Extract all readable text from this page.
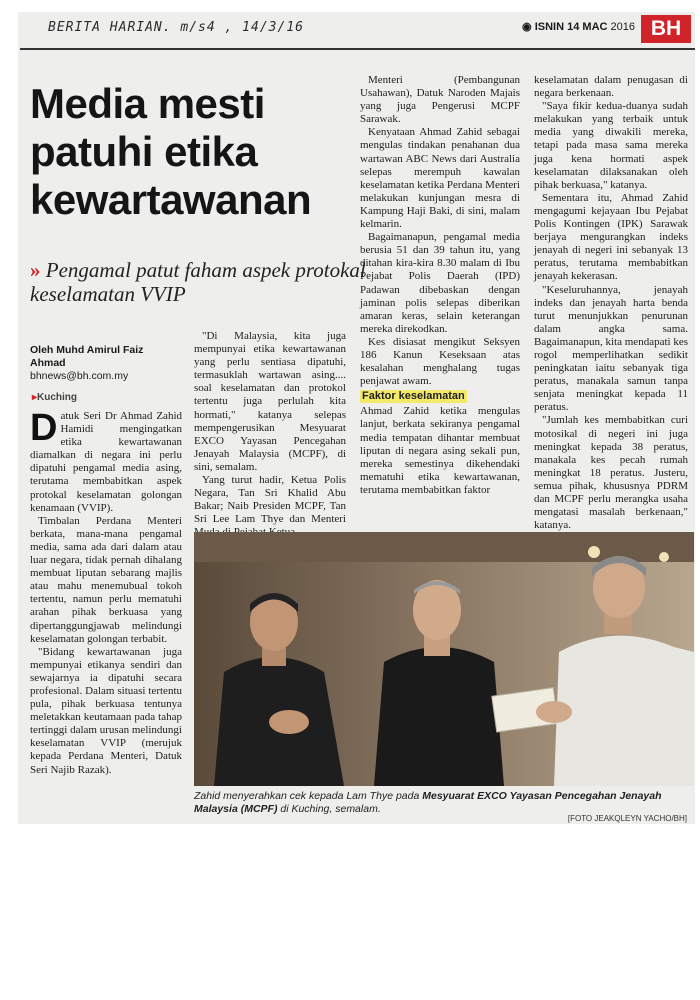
BERITA HARIAN. m/s4 , 14/3/16	◉ ISNIN 14 MAC 2016 BH
Media mesti patuhi etika kewartawanan
» Pengamal patut faham aspek protokal keselamatan VVIP
Oleh Muhd Amirul Faiz Ahmad
bhnews@bh.com.my
▸ Kuching

Datuk Seri Dr Ahmad Zahid Hamidi mengingatkan etika kewartawanan diamalkan di negara ini perlu dipatuhi pengamal media asing, terutama membabitkan aspek protokal keselamatan golongan kenamaan (VVIP).

Timbalan Perdana Menteri berkata, mana-mana pengamal media, sama ada dari dalam atau luar negara, tidak pernah dihalang membuat liputan sebarang majlis atau mahu menemubual tokoh tertentu, namun perlu mematuhi arahan pihak berkuasa yang dipertanggungjawab melindungi keselamatan golongan terbabit.

"Bidang kewartawanan juga mempunyai etikanya sendiri dan sewajarnya ia dipatuhi secara profesional. Dalam situasi tertentu pula, pihak berkuasa tentunya meletakkan keutamaan pada tahap tertinggi dalam urusan melindungi keselamatan VVIP (merujuk kepada Perdana Menteri, Datuk Seri Najib Razak).

"Di Malaysia, kita juga mempunyai etika kewartawanan yang perlu sentiasa dipatuhi, termasuklah wartawan asing.... soal keselamatan dan protokol tertentu juga perlulah kita hormati," katanya selepas mempengerusikan Mesyuarat EXCO Yayasan Pencegahan Jenayah Malaysia (MCPF), di sini, semalam.

Yang turut hadir, Ketua Polis Negara, Tan Sri Khalid Abu Bakar; Naib Presiden MCPF, Tan Sri Lee Lam Thye dan Menteri

Menteri (Pembangunan Usahawan), Datuk Naroden Majais yang juga Pengerusi MCPF Sarawak.

Kenyataan Ahmad Zahid sebagai mengulas tindakan penahanan dua wartawan ABC News dari Australia selepas merempuh kawalan keselamatan ketika Perdana Menteri melakukan kunjungan mesra di Kampung Haji Baki, di sini, malam kelmarin.

Bagaimanapun, pengamal media berusia 51 dan 39 tahun itu, yang ditahan kira-kira 8.30 malam di Ibu Pejabat Polis Daerah (IPD) Padawan dibebaskan dengan jaminan polis selepas diberikan amaran keras, selain keterangan mereka direkodkan.

Kes disiasat mengikut Seksyen 186 Kanun Keseksaan atas kesalahan menghalang tugas penjawat awam.

Faktor keselamatan

Ahmad Zahid ketika mengulas lanjut, berkata sekiranya pengamal media tempatan dihantar membuat liputan di negara asing sekali pun, mereka semestinya dikehendaki mematuhi etika kewartawanan, terutama membabitkan faktor

keselamatan dalam penugasan di negara berkenaan.

"Saya fikir kedua-duanya sudah melakukan yang terbaik untuk media yang diwakili mereka, tetapi pada masa sama mereka juga kena hormati aspek keselamatan dilaksanakan oleh pihak berkuasa," katanya.

Sementara itu, Ahmad Zahid mengagumi kejayaan Ibu Pejabat Polis Kontingen (IPK) Sarawak berjaya mengurangkan indeks jenayah di negeri ini sebanyak 13 peratus, terutama membabitkan jenayah kekerasan.

"Keseluruhannya, jenayah indeks dan jenayah harta benda turut menunjukkan penurunan dalam angka sama. Bagaimanapun, kita mendapati kes rogol memperlihatkan sedikit peningkatan iaitu sebanyak tiga peratus, manakala samun tanpa senjata meningkat kepada 11 peratus.

"Jumlah kes membabitkan curi motosikal di negeri ini juga meningkat kepada 38 peratus, manakala kes pecah rumah meningkat 18 peratus. Justeru, semua pihak, khususnya PDRM dan MCPF perlu merangka usaha mengatasi masalah berkenaan," katanya.

Zahid menyerahkan cek kepada Lam Thye pada Mesyuarat EXCO Yayasan Pencegahan Jenayah Malaysia (MCPF) di Kuching, semalam.
[FOTO JEAKQLEYN YACHO/BH]
